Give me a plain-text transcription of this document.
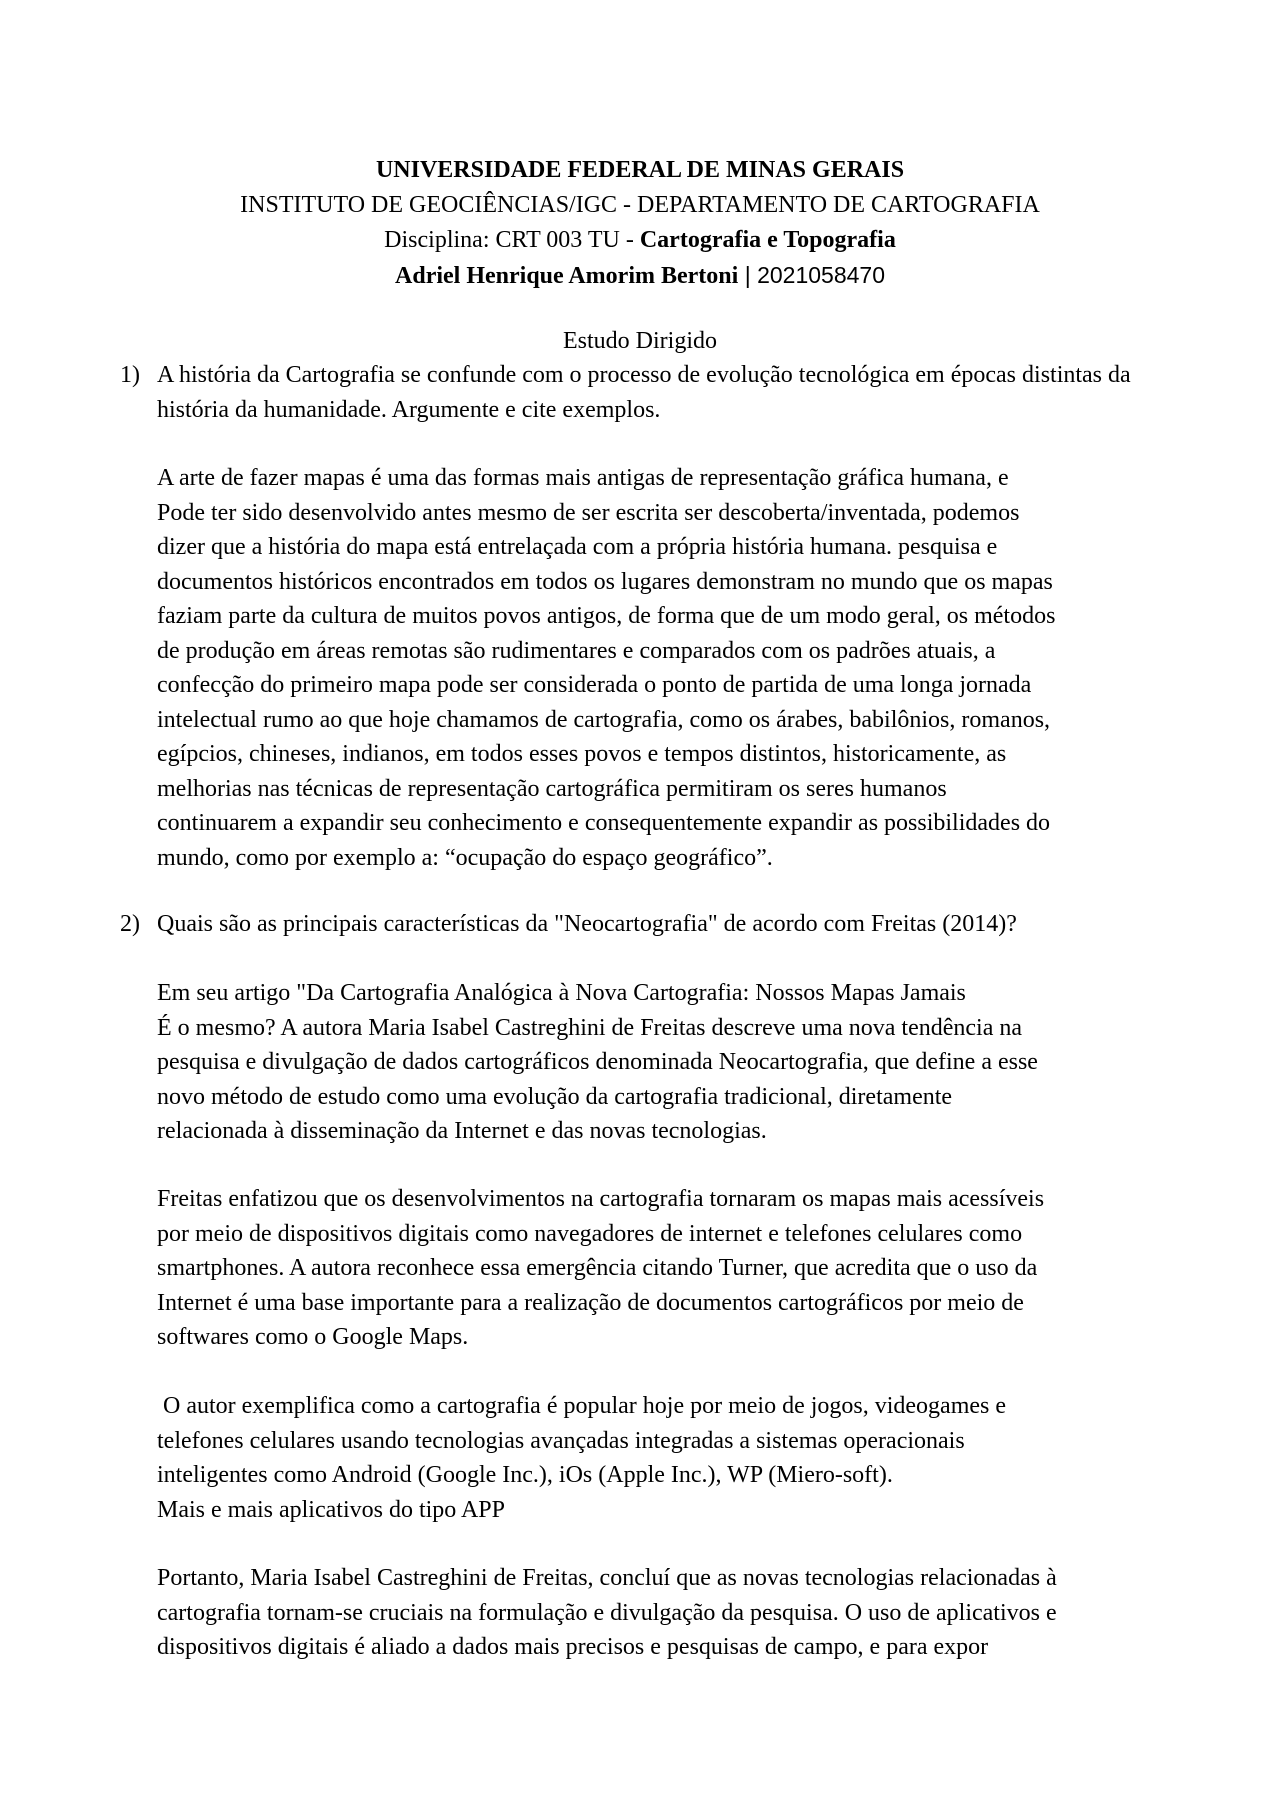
UNIVERSIDADE FEDERAL DE MINAS GERAIS
INSTITUTO DE GEOCIÊNCIAS/IGC - DEPARTAMENTO DE CARTOGRAFIA
Disciplina: CRT 003 TU - Cartografia e Topografia
Adriel Henrique Amorim Bertoni | 2021058470
Estudo Dirigido
1) A história da Cartografia se confunde com o processo de evolução tecnológica em épocas distintas da história da humanidade. Argumente e cite exemplos.
A arte de fazer mapas é uma das formas mais antigas de representação gráfica humana, e
Pode ter sido desenvolvido antes mesmo de ser escrita ser descoberta/inventada, podemos
dizer que a história do mapa está entrelaçada com a própria história humana. pesquisa e
documentos históricos encontrados em todos os lugares demonstram no mundo que os mapas
faziam parte da cultura de muitos povos antigos, de forma que de um modo geral, os métodos
de produção em áreas remotas são rudimentares e comparados com os padrões atuais, a
confecção do primeiro mapa pode ser considerada o ponto de partida de uma longa jornada
intelectual rumo ao que hoje chamamos de cartografia, como os árabes, babilônios, romanos,
egípcios, chineses, indianos, em todos esses povos e tempos distintos, historicamente, as
melhorias nas técnicas de representação cartográfica permitiram os seres humanos
continuarem a expandir seu conhecimento e consequentemente expandir as possibilidades do
mundo, como por exemplo a: “ocupação do espaço geográfico”.
2) Quais são as principais características da "Neocartografia" de acordo com Freitas (2014)?
Em seu artigo "Da Cartografia Analógica à Nova Cartografia: Nossos Mapas Jamais
É o mesmo? A autora Maria Isabel Castreghini de Freitas descreve uma nova tendência na
pesquisa e divulgação de dados cartográficos denominada Neocartografia, que define a esse
novo método de estudo como uma evolução da cartografia tradicional, diretamente
relacionada à disseminação da Internet e das novas tecnologias.
Freitas enfatizou que os desenvolvimentos na cartografia tornaram os mapas mais acessíveis
por meio de dispositivos digitais como navegadores de internet e telefones celulares como
smartphones. A autora reconhece essa emergência citando Turner, que acredita que o uso da
Internet é uma base importante para a realização de documentos cartográficos por meio de
softwares como o Google Maps.
O autor exemplifica como a cartografia é popular hoje por meio de jogos, videogames e
telefones celulares usando tecnologias avançadas integradas a sistemas operacionais
inteligentes como Android (Google Inc.), iOs (Apple Inc.), WP (Miero-soft).
Mais e mais aplicativos do tipo APP
Portanto, Maria Isabel Castreghini de Freitas, concluí que as novas tecnologias relacionadas à
cartografia tornam-se cruciais na formulação e divulgação da pesquisa. O uso de aplicativos e
dispositivos digitais é aliado a dados mais precisos e pesquisas de campo, e para expor
